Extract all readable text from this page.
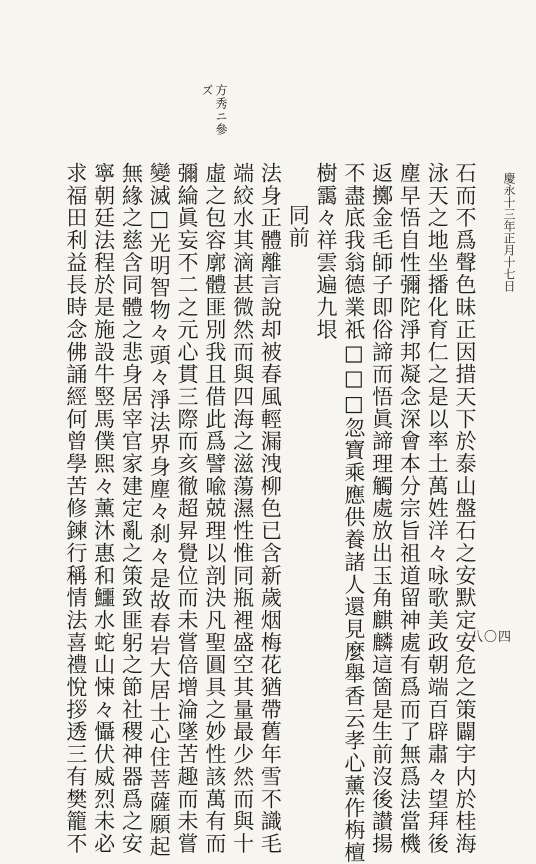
慶永十三年正月十七日
八〇四
方秀ニ參
ズ
石而不爲聲色昧正因措天下於泰山盤石之安默定安危之策闢宇内於桂海
泳天之地坐播化育仁之是以率土萬姓洋々咏歌美政朝端百辟肅々望拜後
塵早悟自性彌陀淨邦凝念深會本分宗旨祖道留神處有爲而了無爲法當機
返擲金毛師子即俗諦而悟眞諦理觸處放出玉角麒麟這箇是生前沒後讃揚
不盡底我翁德業祇□□□忽寶乘應供養諸人還見麼舉香云孝心薰作栴檀
樹靄々祥雲遍九垠
同前
法身正體離言說却被春風輕漏洩柳色已含新歲烟梅花猶帶舊年雪不識毛
端絞水其滴甚微然而與四海之滋蕩濕性惟同瓶裡盛空其量最少然而與十
虛之包容廓體匪別我且借此爲譬喩兢理以剖決凡聖圓具之妙性該萬有而
彌綸眞妄不二之元心貫三際而亥徹超昇覺位而未嘗倍增淪墜苦趣而未嘗
變滅□光明智物々頭々淨法界身塵々刹々是故春岩大居士心住菩薩願起
無緣之慈含同體之悲身居宰官家建定亂之策致匪躬之節社稷神器爲之安
寧朝廷法程於是施設牛竪馬僕煕々薰沐惠和鱷水蛇山悚々懾伏威烈未必
求福田利益長時念佛誦經何曾學苦修鍊行稱情法喜禮悅拶透三有樊籠不
